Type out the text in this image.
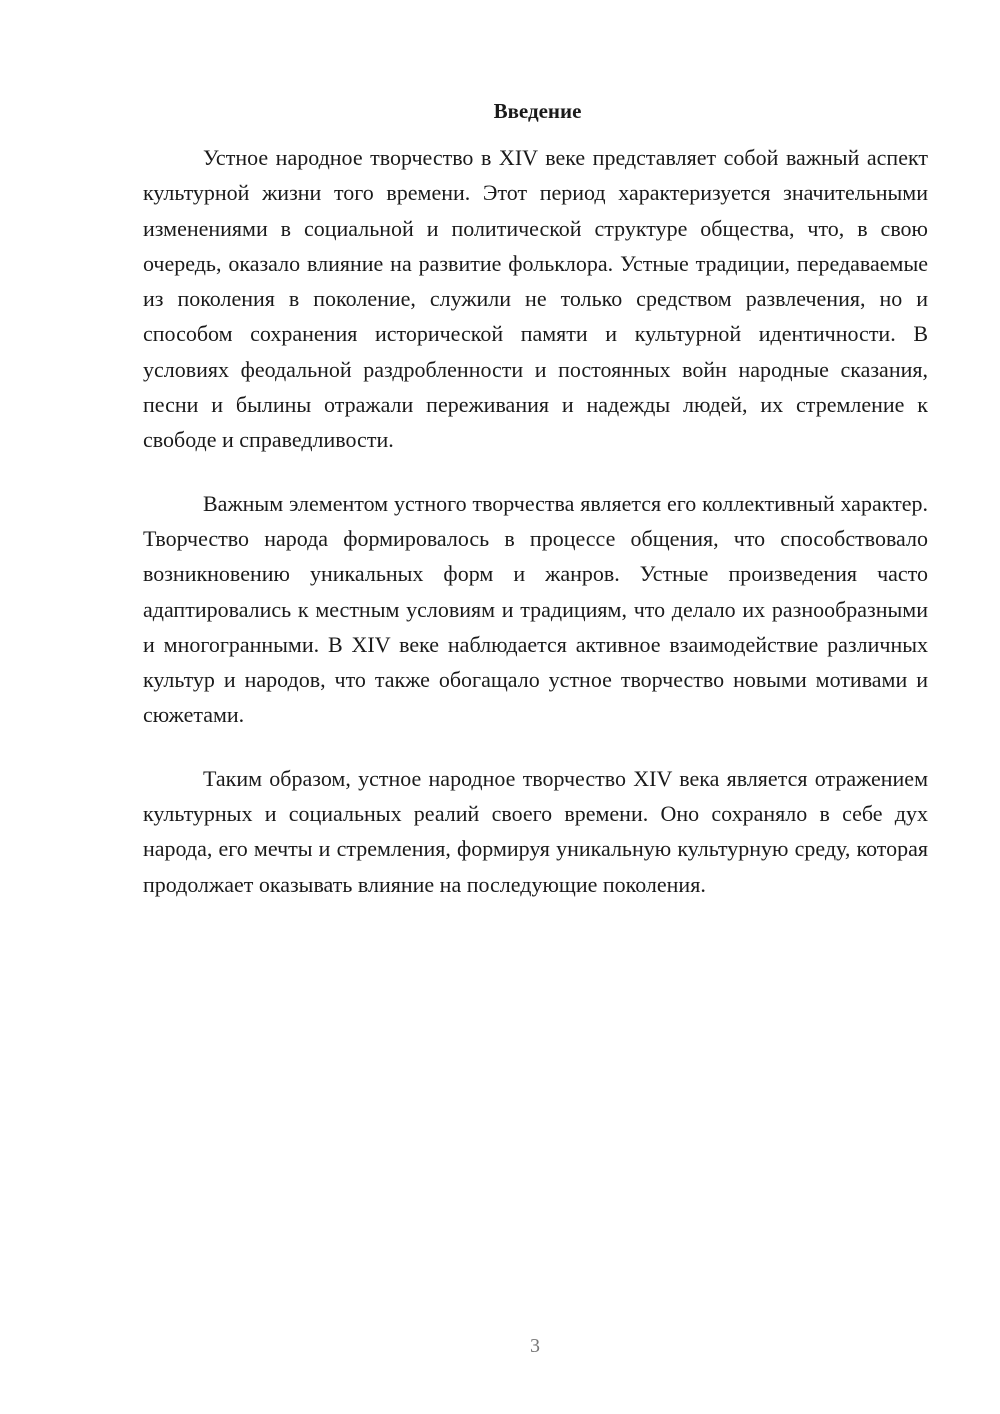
Введение

Устное народное творчество в XIV веке представляет собой важный аспект культурной жизни того времени. Этот период характеризуется значительными изменениями в социальной и политической структуре общества, что, в свою очередь, оказало влияние на развитие фольклора. Устные традиции, передаваемые из поколения в поколение, служили не только средством развлечения, но и способом сохранения исторической памяти и культурной идентичности. В условиях феодальной раздробленности и постоянных войн народные сказания, песни и былины отражали переживания и надежды людей, их стремление к свободе и справедливости.

Важным элементом устного творчества является его коллективный характер. Творчество народа формировалось в процессе общения, что способствовало возникновению уникальных форм и жанров. Устные произведения часто адаптировались к местным условиям и традициям, что делало их разнообразными и многогранными. В XIV веке наблюдается активное взаимодействие различных культур и народов, что также обогащало устное творчество новыми мотивами и сюжетами.

Таким образом, устное народное творчество XIV века является отражением культурных и социальных реалий своего времени. Оно сохраняло в себе дух народа, его мечты и стремления, формируя уникальную культурную среду, которая продолжает оказывать влияние на последующие поколения.

3
